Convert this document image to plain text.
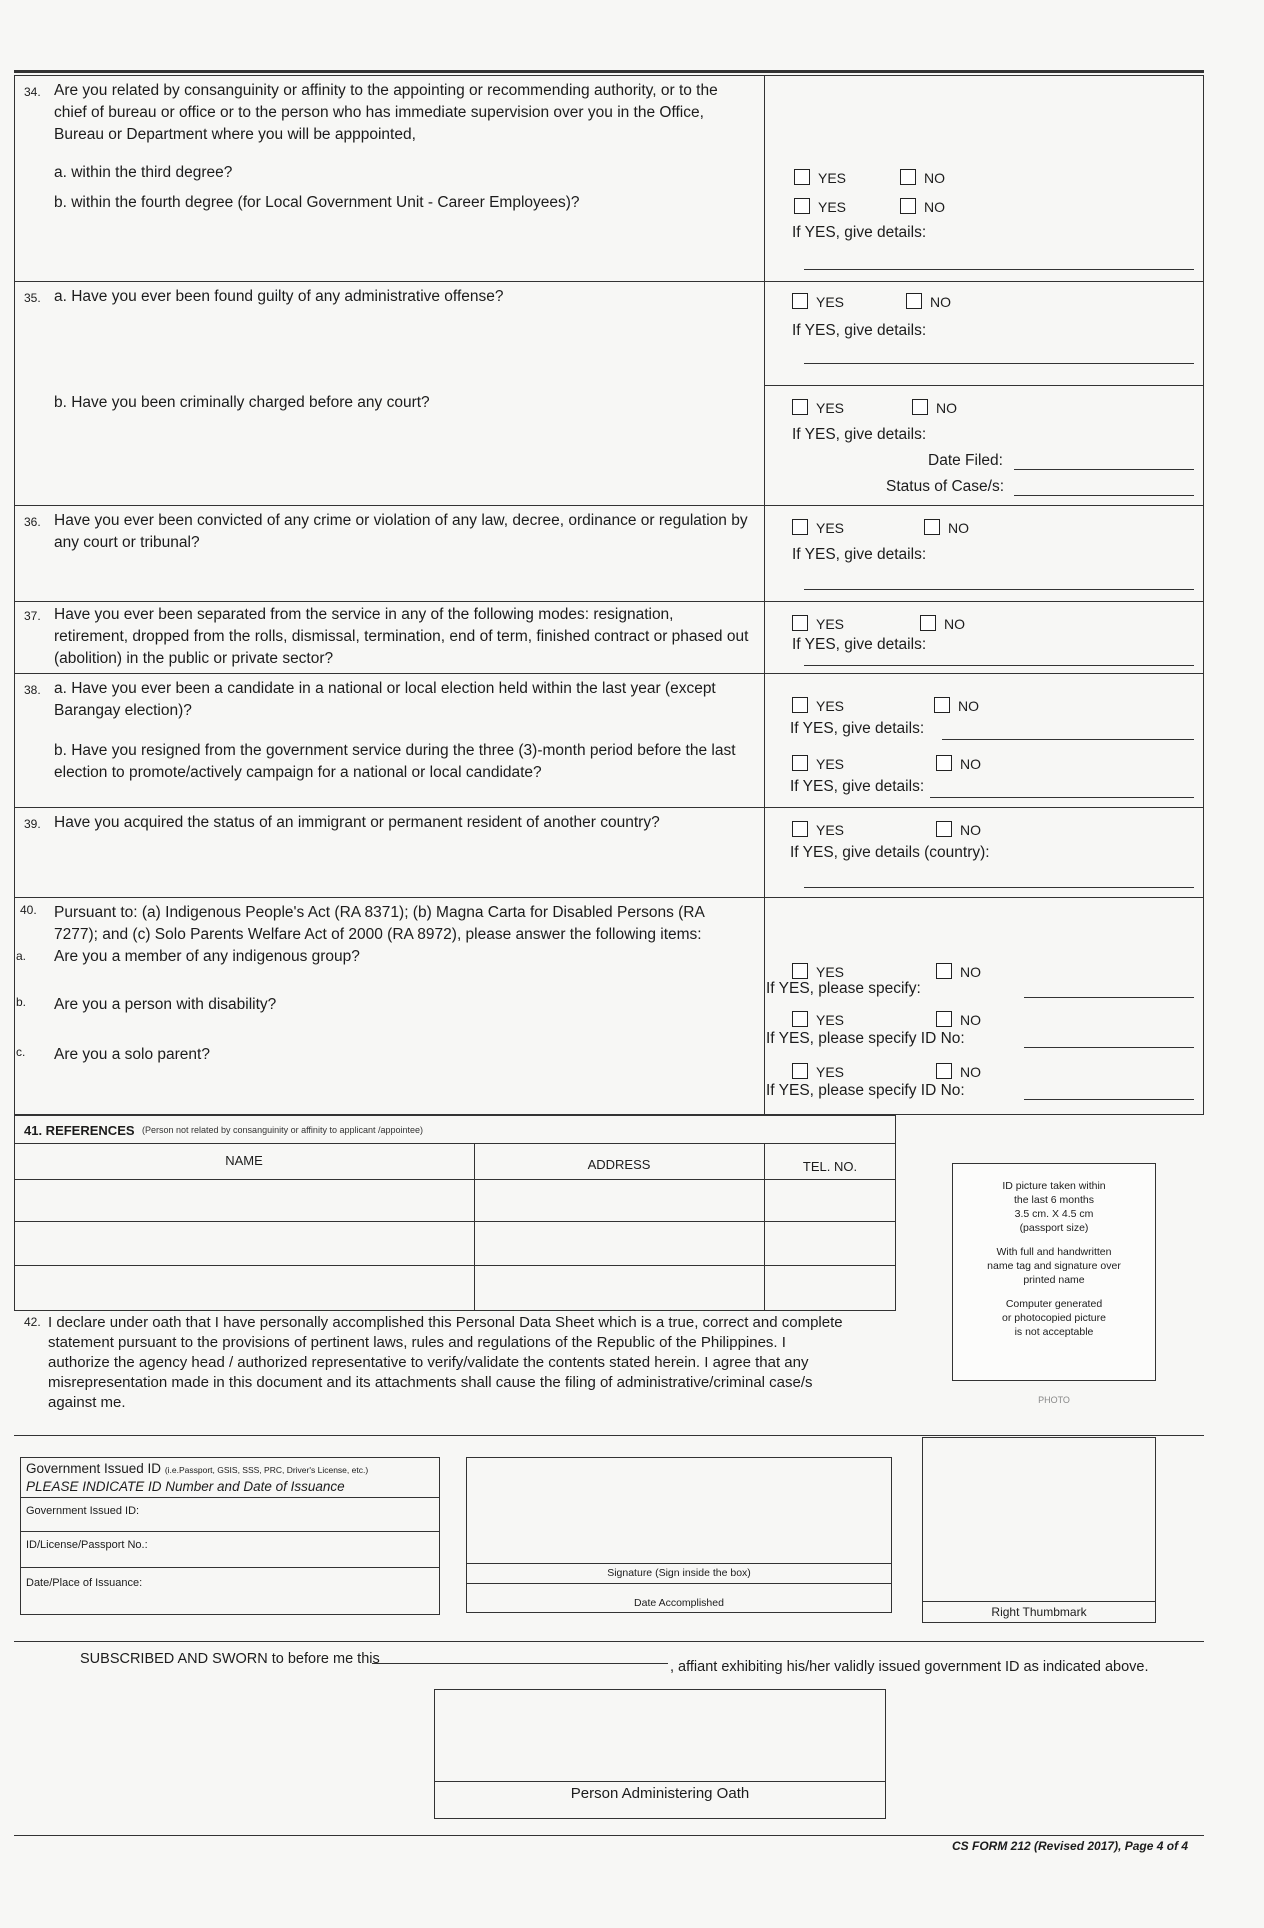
34. Are you related by consanguinity or affinity to the appointing or recommending authority, or to the
chief of bureau or office or to the person who has immediate supervision over you in the Office,
Bureau or Department where you will be apppointed,
a. within the third degree?
b. within the fourth degree (for Local Government Unit - Career Employees)?
YES	NO
YES	NO
If YES, give details:
35. a. Have you ever been found guilty of any administrative offense?	YES	NO
If YES, give details:
b. Have you been criminally charged before any court?	YES	NO
If YES, give details:
Date Filed:
Status of Case/s:
36. Have you ever been convicted of any crime or violation of any law, decree, ordinance or regulation by
any court or tribunal?
YES	NO
If YES, give details:
37. Have you ever been separated from the service in any of the following modes: resignation,
retirement, dropped from the rolls, dismissal, termination, end of term, finished contract or phased out
(abolition) in the public or private sector?
YES	NO
If YES, give details:
38. a. Have you ever been a candidate in a national or local election held within the last year (except
Barangay election)?	YES	NO
If YES, give details:
b. Have you resigned from the government service during the three (3)-month period before the last
election to promote/actively campaign for a national or local candidate?	YES	NO
If YES, give details:
39. Have you acquired the status of an immigrant or permanent resident of another country?	YES	NO
If YES, give details (country):
40. Pursuant to: (a) Indigenous People's Act (RA 8371); (b) Magna Carta for Disabled Persons (RA
7277); and (c) Solo Parents Welfare Act of 2000 (RA 8972), please answer the following items:
a. Are you a member of any indigenous group?
YES	NO
If YES, please specify:
b. Are you a person with disability?
YES	NO
If YES, please specify ID No:
c. Are you a solo parent?
YES	NO
If YES, please specify ID No:
41. REFERENCES (Person not related by consanguinity or affinity to applicant /appointee)
NAME	ADDRESS	TEL. NO.
ID picture taken within
the last 6 months
3.5 cm. X 4.5 cm
(passport size)
With full and handwritten
name tag and signature over
printed name
Computer generated
or photocopied picture
is not acceptable
PHOTO
42. I declare under oath that I have personally accomplished this Personal Data Sheet which is a true, correct and complete
statement pursuant to the provisions of pertinent laws, rules and regulations of the Republic of the Philippines. I
authorize the agency head / authorized representative to verify/validate the contents stated herein. I agree that any
misrepresentation made in this document and its attachments shall cause the filing of administrative/criminal case/s
against me.
Government Issued ID (i.e.Passport, GSIS, SSS, PRC, Driver's License, etc.)
PLEASE INDICATE ID Number and Date of Issuance
Government Issued ID:
ID/License/Passport No.:
Date/Place of Issuance:
Signature (Sign inside the box)
Date Accomplished
Right Thumbmark
SUBSCRIBED AND SWORN to before me this	, affiant exhibiting his/her validly issued government ID as indicated above.
Person Administering Oath
CS FORM 212 (Revised 2017), Page 4 of 4
